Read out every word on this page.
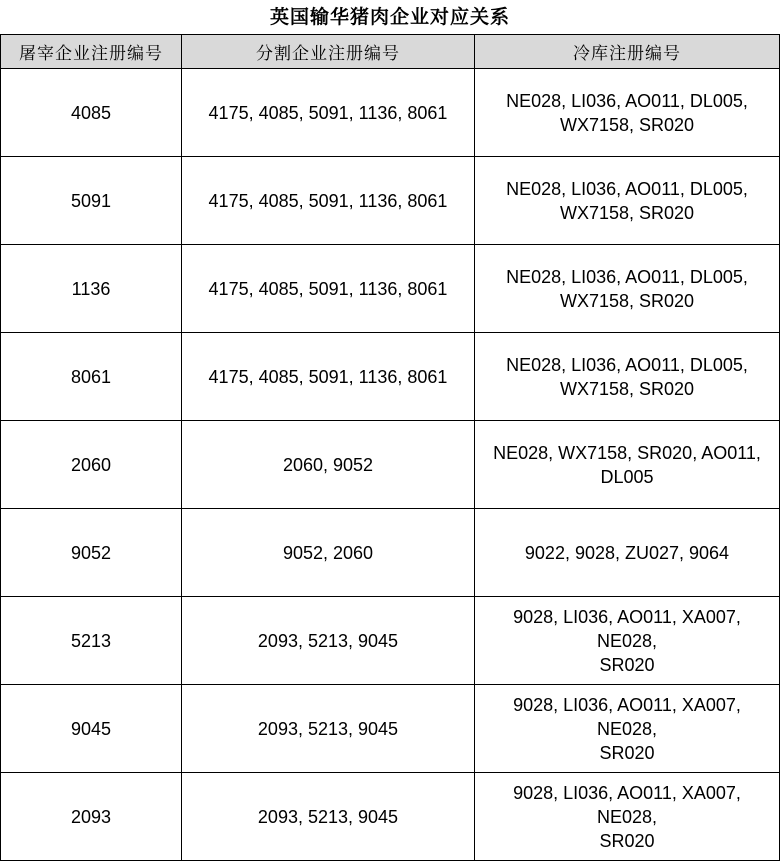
英国输华猪肉企业对应关系
屠宰企业注册编号	分割企业注册编号	冷库注册编号
4085	4175, 4085, 5091, 1136, 8061	NE028, LI036, AO011, DL005,
WX7158, SR020
5091	4175, 4085, 5091, 1136, 8061	NE028, LI036, AO011, DL005,
WX7158, SR020
1136	4175, 4085, 5091, 1136, 8061	NE028, LI036, AO011, DL005,
WX7158, SR020
8061	4175, 4085, 5091, 1136, 8061	NE028, LI036, AO011, DL005,
WX7158, SR020
2060	2060, 9052	NE028, WX7158, SR020, AO011,
DL005
9052	9052, 2060	9022, 9028, ZU027, 9064
5213	2093, 5213, 9045	9028, LI036, AO011, XA007,
NE028,
SR020
9045	2093, 5213, 9045	9028, LI036, AO011, XA007,
NE028,
SR020
2093	2093, 5213, 9045	9028, LI036, AO011, XA007,
NE028,
SR020
